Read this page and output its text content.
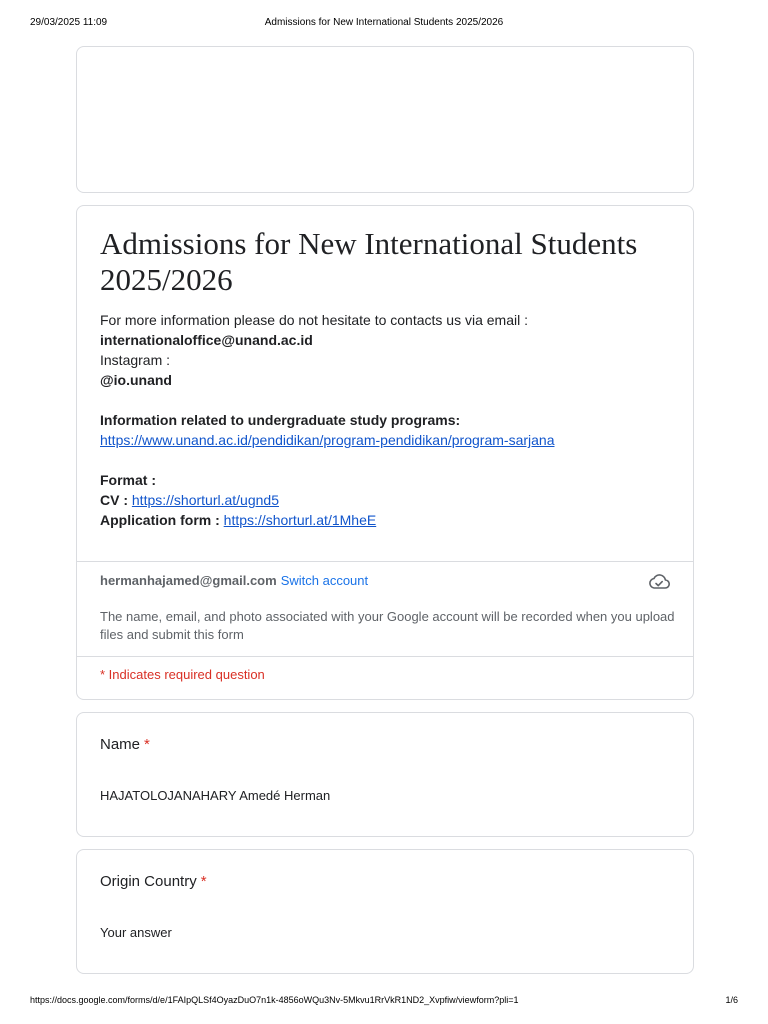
29/03/2025 11:09	Admissions for New International Students 2025/2026
Admissions for New International Students 2025/2026
For more information please do not hesitate to contacts us via email :
internationaloffice@unand.ac.id
Instagram :
@io.unand
Information related to undergraduate study programs:
https://www.unand.ac.id/pendidikan/program-pendidikan/program-sarjana
Format :
CV : https://shorturl.at/ugnd5
Application form : https://shorturl.at/1MheE
hermanhajamed@gmail.com Switch account
The name, email, and photo associated with your Google account will be recorded when you upload files and submit this form
* Indicates required question
Name *
HAJATOLOJANAHARY Amedé Herman
Origin Country *
Your answer
https://docs.google.com/forms/d/e/1FAIpQLSf4OyazDuO7n1k-4856oWQu3Nv-5Mkvu1RrVkR1ND2_Xvpfiw/viewform?pli=1	1/6
